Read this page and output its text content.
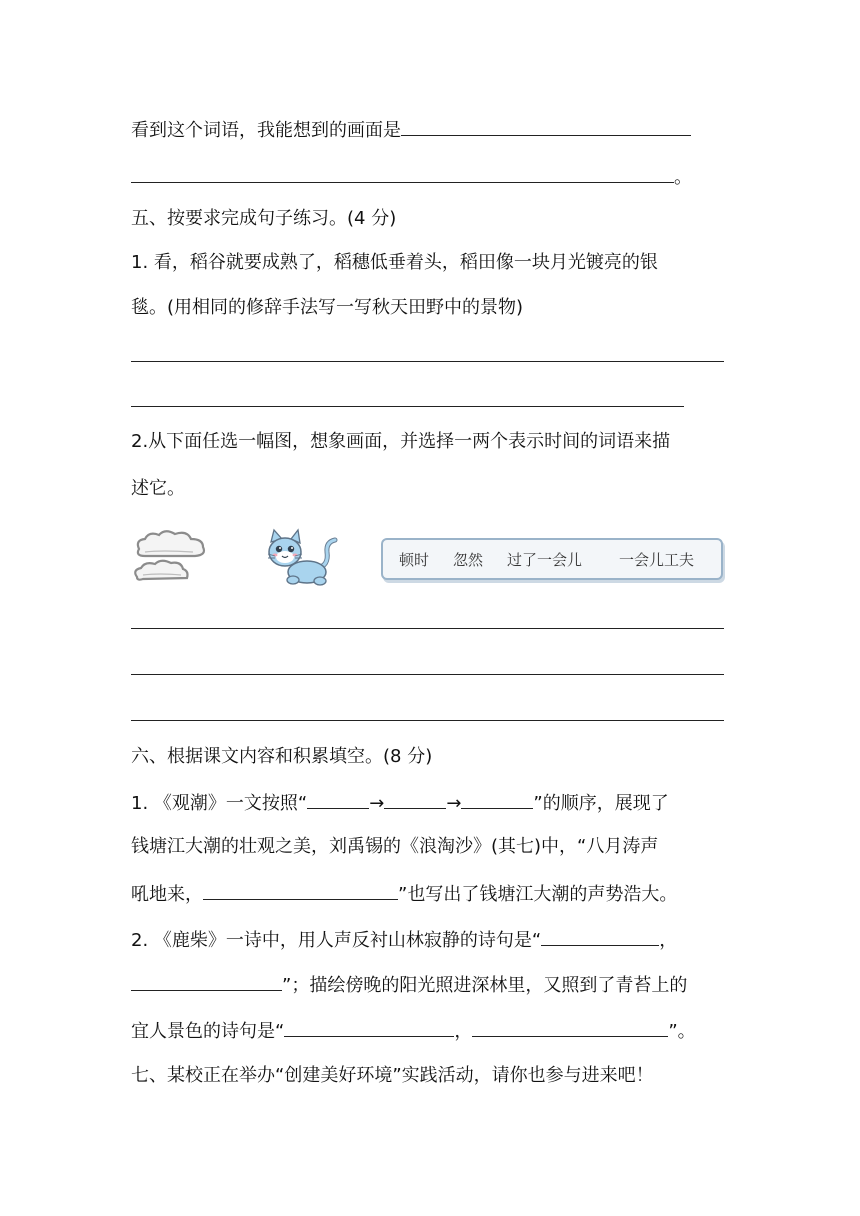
看到这个词语，我能想到的画面是
。
五、按要求完成句子练习。(4 分)
1. 看，稻谷就要成熟了，稻穗低垂着头，稻田像一块月光镀亮的银
毯。(用相同的修辞手法写一写秋天田野中的景物)
2.从下面任选一幅图，想象画面，并选择一两个表示时间的词语来描
述它。
顿时 忽然 过了一会儿 一会儿工夫
六、根据课文内容和积累填空。(8 分)
1. 《观潮》一文按照“	→	→	”的顺序，展现了
钱塘江大潮的壮观之美，刘禹锡的《浪淘沙》(其七)中，“八月涛声
吼地来，	”也写出了钱塘江大潮的声势浩大。
2. 《鹿柴》一诗中，用人声反衬山林寂静的诗句是“	，
”；描绘傍晚的阳光照进深林里，又照到了青苔上的
宜人景色的诗句是“	，	”。
七、某校正在举办“创建美好环境”实践活动，请你也参与进来吧！
